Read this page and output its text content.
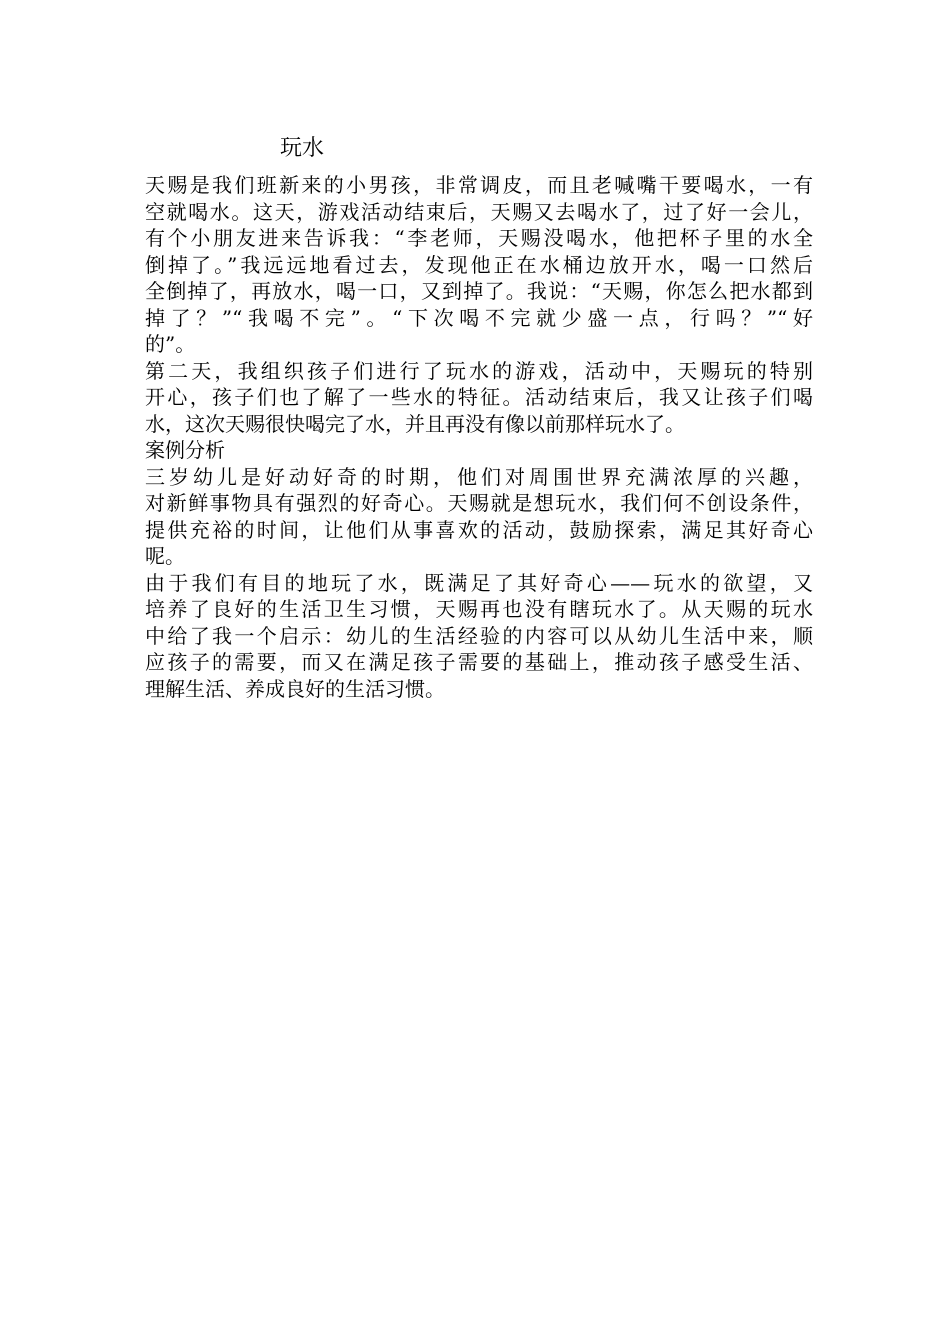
玩水
天赐是我们班新来的小男孩，非常调皮，而且老喊嘴干要喝水，一有
空就喝水。这天，游戏活动结束后，天赐又去喝水了，过了好一会儿，
有个小朋友进来告诉我：“李老师，天赐没喝水，他把杯子里的水全
倒掉了。”我远远地看过去，发现他正在水桶边放开水，喝一口然后
全倒掉了，再放水，喝一口，又到掉了。我说：“天赐，你怎么把水都到
掉了？”“我喝不完”。“下次喝不完就少盛一点，行吗？”“好
的”。
第二天，我组织孩子们进行了玩水的游戏，活动中，天赐玩的特别
开心，孩子们也了解了一些水的特征。活动结束后，我又让孩子们喝
水，这次天赐很快喝完了水，并且再没有像以前那样玩水了。
案例分析
三岁幼儿是好动好奇的时期，他们对周围世界充满浓厚的兴趣，
对新鲜事物具有强烈的好奇心。天赐就是想玩水，我们何不创设条件，
提供充裕的时间，让他们从事喜欢的活动，鼓励探索，满足其好奇心
呢。
由于我们有目的地玩了水，既满足了其好奇心——玩水的欲望，又
培养了良好的生活卫生习惯，天赐再也没有瞎玩水了。从天赐的玩水
中给了我一个启示：幼儿的生活经验的内容可以从幼儿生活中来，顺
应孩子的需要，而又在满足孩子需要的基础上，推动孩子感受生活、
理解生活、养成良好的生活习惯。
